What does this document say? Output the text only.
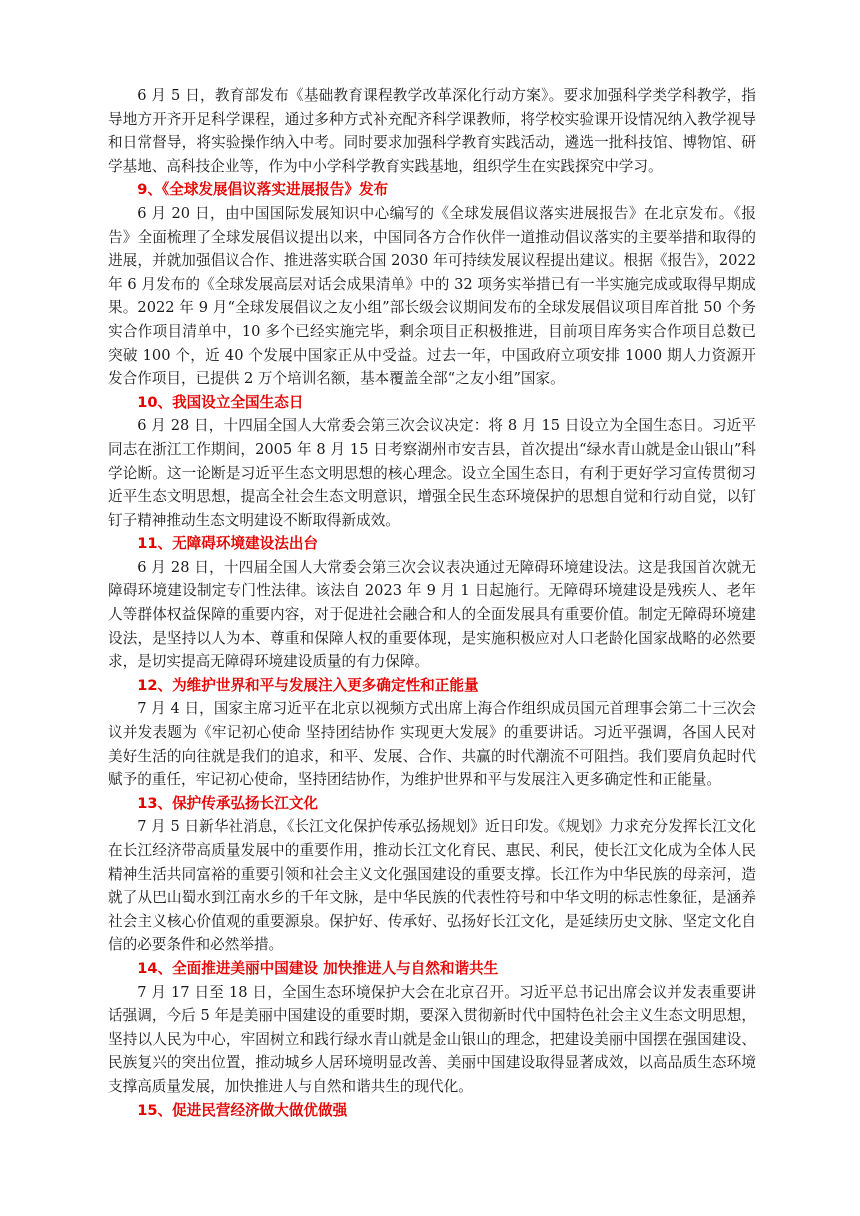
6 月 5 日，教育部发布《基础教育课程教学改革深化行动方案》。要求加强科学类学科教学，指导地方开齐开足科学课程，通过多种方式补充配齐科学课教师，将学校实验课开设情况纳入教学视导和日常督导，将实验操作纳入中考。同时要求加强科学教育实践活动，遴选一批科技馆、博物馆、研学基地、高科技企业等，作为中小学科学教育实践基地，组织学生在实践探究中学习。

9、《全球发展倡议落实进展报告》发布

6 月 20 日，由中国国际发展知识中心编写的《全球发展倡议落实进展报告》在北京发布。《报告》全面梳理了全球发展倡议提出以来，中国同各方合作伙伴一道推动倡议落实的主要举措和取得的进展，并就加强倡议合作、推进落实联合国 2030 年可持续发展议程提出建议。根据《报告》，2022 年 6 月发布的《全球发展高层对话会成果清单》中的 32 项务实举措已有一半实施完成或取得早期成果。2022 年 9 月“全球发展倡议之友小组”部长级会议期间发布的全球发展倡议项目库首批 50 个务实合作项目清单中，10 多个已经实施完毕，剩余项目正积极推进，目前项目库务实合作项目总数已突破 100 个，近 40 个发展中国家正从中受益。过去一年，中国政府立项安排 1000 期人力资源开发合作项目，已提供 2 万个培训名额，基本覆盖全部“之友小组”国家。

10、我国设立全国生态日

6 月 28 日，十四届全国人大常委会第三次会议决定：将 8 月 15 日设立为全国生态日。习近平同志在浙江工作期间，2005 年 8 月 15 日考察湖州市安吉县，首次提出“绿水青山就是金山银山”科学论断。这一论断是习近平生态文明思想的核心理念。设立全国生态日，有利于更好学习宣传贯彻习近平生态文明思想，提高全社会生态文明意识，增强全民生态环境保护的思想自觉和行动自觉，以钉钉子精神推动生态文明建设不断取得新成效。

11、无障碍环境建设法出台

6 月 28 日，十四届全国人大常委会第三次会议表决通过无障碍环境建设法。这是我国首次就无障碍环境建设制定专门性法律。该法自 2023 年 9 月 1 日起施行。无障碍环境建设是残疾人、老年人等群体权益保障的重要内容，对于促进社会融合和人的全面发展具有重要价值。制定无障碍环境建设法，是坚持以人为本、尊重和保障人权的重要体现，是实施积极应对人口老龄化国家战略的必然要求，是切实提高无障碍环境建设质量的有力保障。

12、为维护世界和平与发展注入更多确定性和正能量

7 月 4 日，国家主席习近平在北京以视频方式出席上海合作组织成员国元首理事会第二十三次会议并发表题为《牢记初心使命 坚持团结协作 实现更大发展》的重要讲话。习近平强调，各国人民对美好生活的向往就是我们的追求，和平、发展、合作、共赢的时代潮流不可阻挡。我们要肩负起时代赋予的重任，牢记初心使命，坚持团结协作，为维护世界和平与发展注入更多确定性和正能量。

13、保护传承弘扬长江文化

7 月 5 日新华社消息，《长江文化保护传承弘扬规划》近日印发。《规划》力求充分发挥长江文化在长江经济带高质量发展中的重要作用，推动长江文化育民、惠民、利民，使长江文化成为全体人民精神生活共同富裕的重要引领和社会主义文化强国建设的重要支撑。长江作为中华民族的母亲河，造就了从巴山蜀水到江南水乡的千年文脉，是中华民族的代表性符号和中华文明的标志性象征，是涵养社会主义核心价值观的重要源泉。保护好、传承好、弘扬好长江文化，是延续历史文脉、坚定文化自信的必要条件和必然举措。

14、全面推进美丽中国建设 加快推进人与自然和谐共生

7 月 17 日至 18 日，全国生态环境保护大会在北京召开。习近平总书记出席会议并发表重要讲话强调，今后 5 年是美丽中国建设的重要时期，要深入贯彻新时代中国特色社会主义生态文明思想，坚持以人民为中心，牢固树立和践行绿水青山就是金山银山的理念，把建设美丽中国摆在强国建设、民族复兴的突出位置，推动城乡人居环境明显改善、美丽中国建设取得显著成效，以高品质生态环境支撑高质量发展，加快推进人与自然和谐共生的现代化。

15、促进民营经济做大做优做强
